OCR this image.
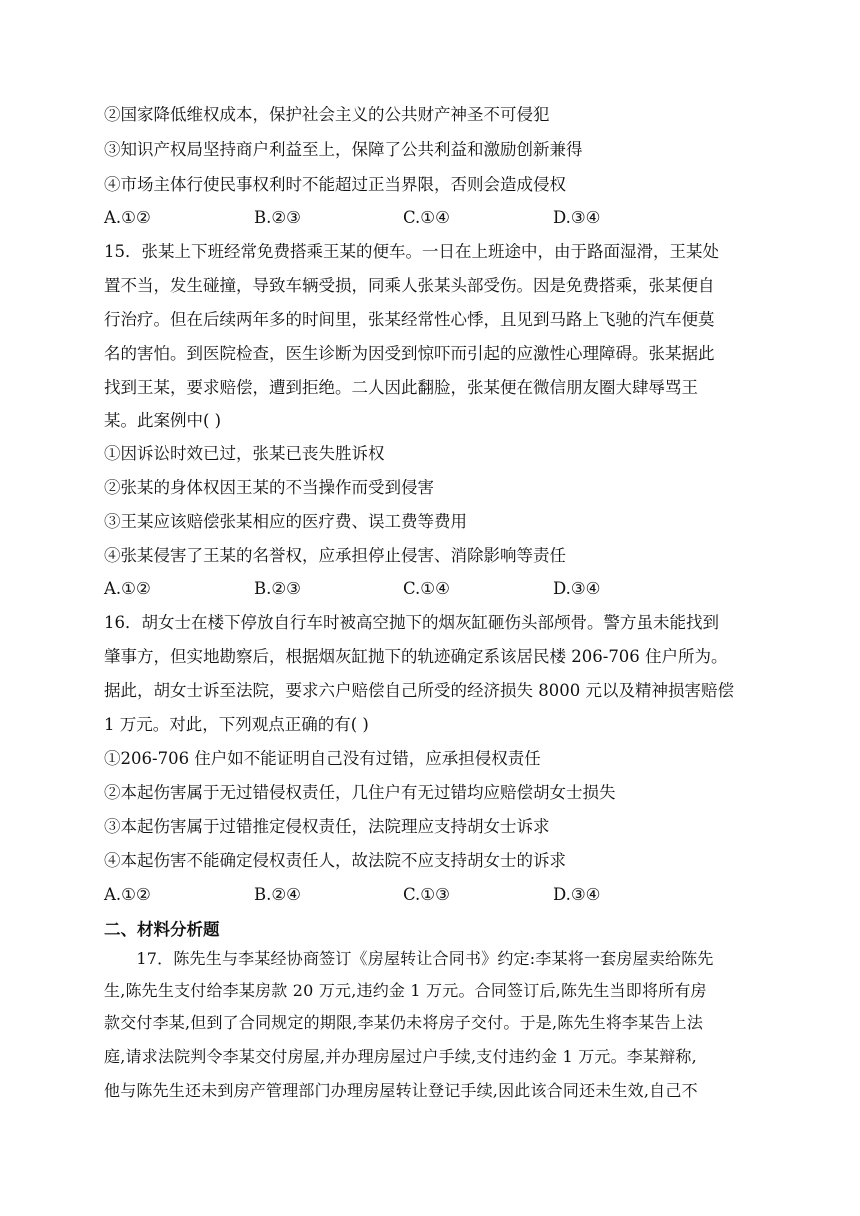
②国家降低维权成本，保护社会主义的公共财产神圣不可侵犯
③知识产权局坚持商户利益至上，保障了公共利益和激励创新兼得
④市场主体行使民事权利时不能超过正当界限，否则会造成侵权
A.①②	B.②③	C.①④	D.③④
15．张某上下班经常免费搭乘王某的便车。一日在上班途中，由于路面湿滑，王某处
置不当，发生碰撞，导致车辆受损，同乘人张某头部受伤。因是免费搭乘，张某便自
行治疗。但在后续两年多的时间里，张某经常性心悸，且见到马路上飞驰的汽车便莫
名的害怕。到医院检查，医生诊断为因受到惊吓而引起的应激性心理障碍。张某据此
找到王某，要求赔偿，遭到拒绝。二人因此翻脸，张某便在微信朋友圈大肆辱骂王
某。此案例中( )
①因诉讼时效已过，张某已丧失胜诉权
②张某的身体权因王某的不当操作而受到侵害
③王某应该赔偿张某相应的医疗费、误工费等费用
④张某侵害了王某的名誉权，应承担停止侵害、消除影响等责任
A.①②	B.②③	C.①④	D.③④
16．胡女士在楼下停放自行车时被高空抛下的烟灰缸砸伤头部颅骨。警方虽未能找到
肇事方，但实地勘察后，根据烟灰缸抛下的轨迹确定系该居民楼 206-706 住户所为。
据此，胡女士诉至法院，要求六户赔偿自己所受的经济损失 8000 元以及精神损害赔偿
1 万元。对此，下列观点正确的有( )
①206-706 住户如不能证明自己没有过错，应承担侵权责任
②本起伤害属于无过错侵权责任，几住户有无过错均应赔偿胡女士损失
③本起伤害属于过错推定侵权责任，法院理应支持胡女士诉求
④本起伤害不能确定侵权责任人，故法院不应支持胡女士的诉求
A.①②	B.②④	C.①③	D.③④
二、材料分析题
　　17．陈先生与李某经协商签订《房屋转让合同书》约定:李某将一套房屋卖给陈先
生,陈先生支付给李某房款 20 万元,违约金 1 万元。合同签订后,陈先生当即将所有房
款交付李某,但到了合同规定的期限,李某仍未将房子交付。于是,陈先生将李某告上法
庭,请求法院判令李某交付房屋,并办理房屋过户手续,支付违约金 1 万元。李某辩称,
他与陈先生还未到房产管理部门办理房屋转让登记手续,因此该合同还未生效,自己不
